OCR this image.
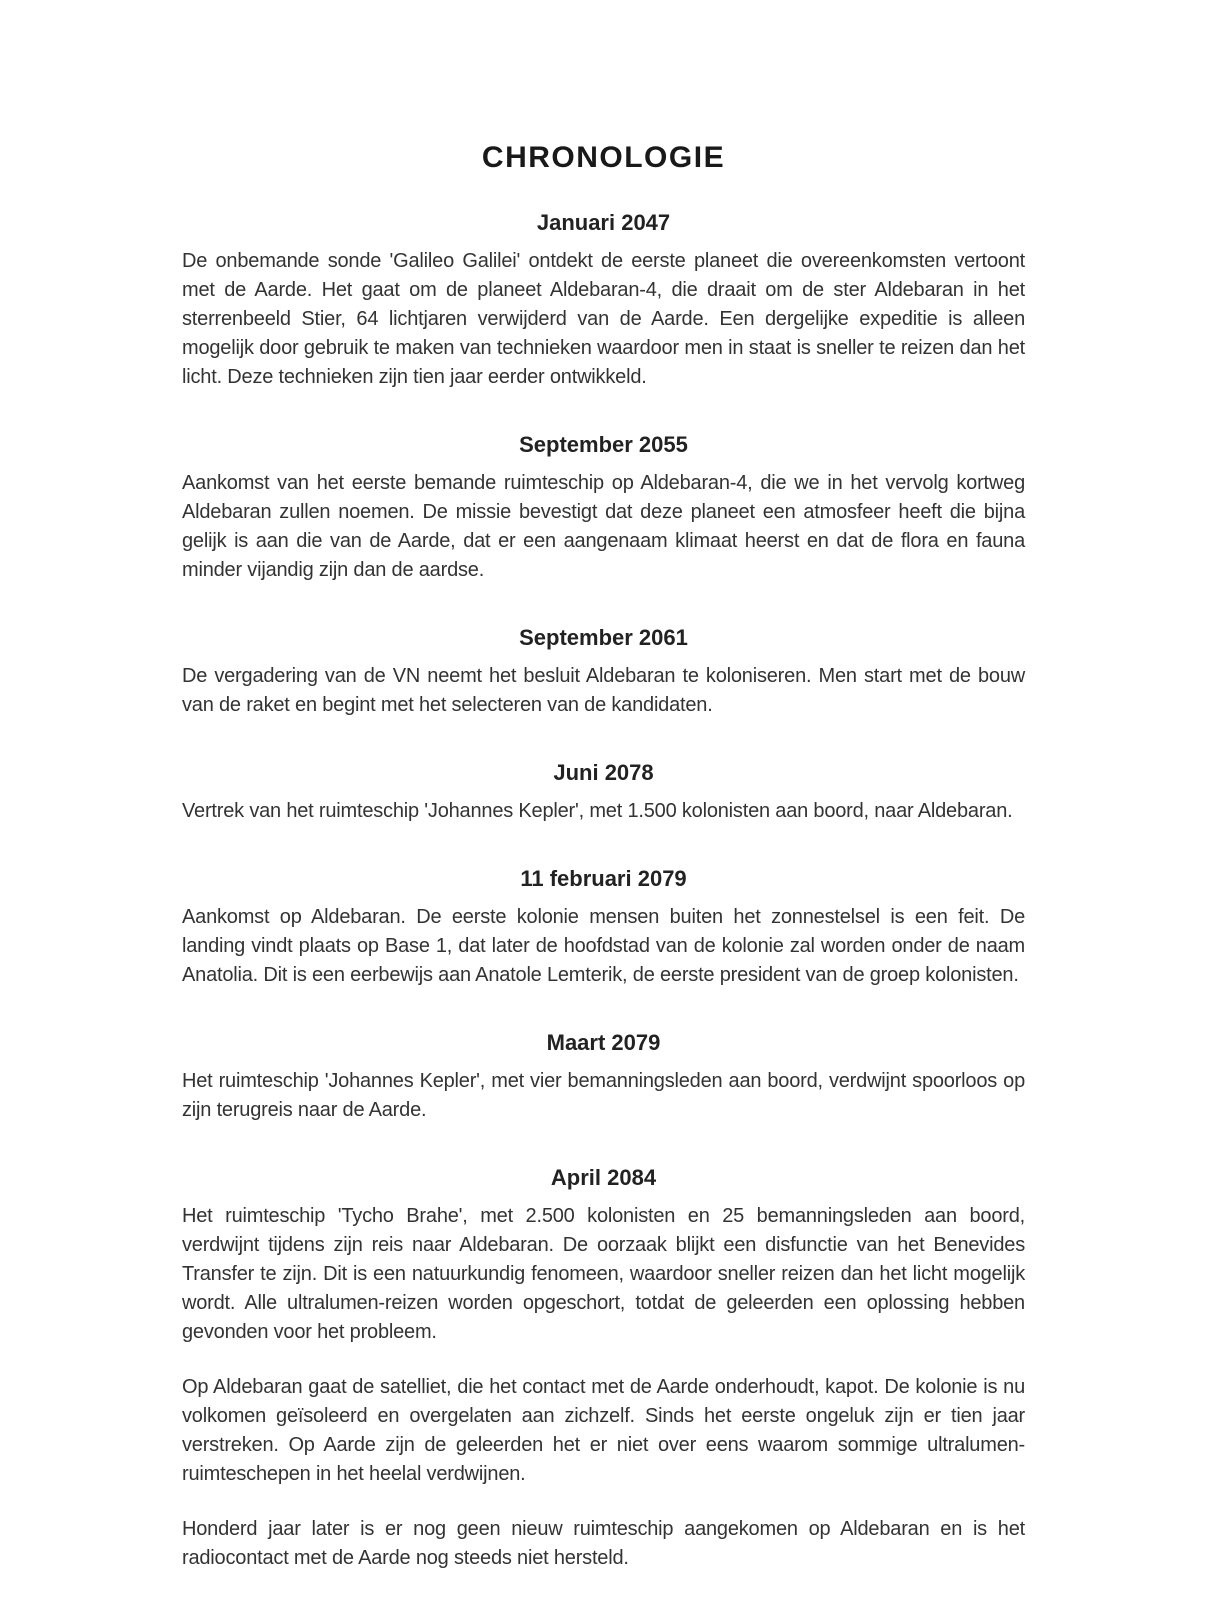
CHRONOLOGIE
Januari 2047

De onbemande sonde 'Galileo Galilei' ontdekt de eerste planeet die overeenkomsten vertoont met de Aarde. Het gaat om de planeet Aldebaran-4, die draait om de ster Aldebaran in het sterrenbeeld Stier, 64 lichtjaren verwijderd van de Aarde. Een dergelijke expeditie is alleen mogelijk door gebruik te maken van technieken waardoor men in staat is sneller te reizen dan het licht. Deze technieken zijn tien jaar eerder ontwikkeld.

September 2055

Aankomst van het eerste bemande ruimteschip op Aldebaran-4, die we in het vervolg kortweg Aldebaran zullen noemen. De missie bevestigt dat deze planeet een atmosfeer heeft die bijna gelijk is aan die van de Aarde, dat er een aangenaam klimaat heerst en dat de flora en fauna minder vijandig zijn dan de aardse.

September 2061

De vergadering van de VN neemt het besluit Aldebaran te koloniseren. Men start met de bouw van de raket en begint met het selecteren van de kandidaten.

Juni 2078

Vertrek van het ruimteschip 'Johannes Kepler', met 1.500 kolonisten aan boord, naar Aldebaran.

11 februari 2079

Aankomst op Aldebaran. De eerste kolonie mensen buiten het zonnestelsel is een feit. De landing vindt plaats op Base 1, dat later de hoofdstad van de kolonie zal worden onder de naam Anatolia. Dit is een eerbewijs aan Anatole Lemterik, de eerste president van de groep kolonisten.

Maart 2079

Het ruimteschip 'Johannes Kepler', met vier bemanningsleden aan boord, verdwijnt spoorloos op zijn terugreis naar de Aarde.

April 2084

Het ruimteschip 'Tycho Brahe', met 2.500 kolonisten en 25 bemanningsleden aan boord, verdwijnt tijdens zijn reis naar Aldebaran. De oorzaak blijkt een disfunctie van het Benevides Transfer te zijn. Dit is een natuurkundig fenomeen, waardoor sneller reizen dan het licht mogelijk wordt. Alle ultralumen-reizen worden opgeschort, totdat de geleerden een oplossing hebben gevonden voor het probleem.

Op Aldebaran gaat de satelliet, die het contact met de Aarde onderhoudt, kapot. De kolonie is nu volkomen geïsoleerd en overgelaten aan zichzelf. Sinds het eerste ongeluk zijn er tien jaar verstreken. Op Aarde zijn de geleerden het er niet over eens waarom sommige ultralumen-ruimteschepen in het heelal verdwijnen.

Honderd jaar later is er nog geen nieuw ruimteschip aangekomen op Aldebaran en is het radiocontact met de Aarde nog steeds niet hersteld.
